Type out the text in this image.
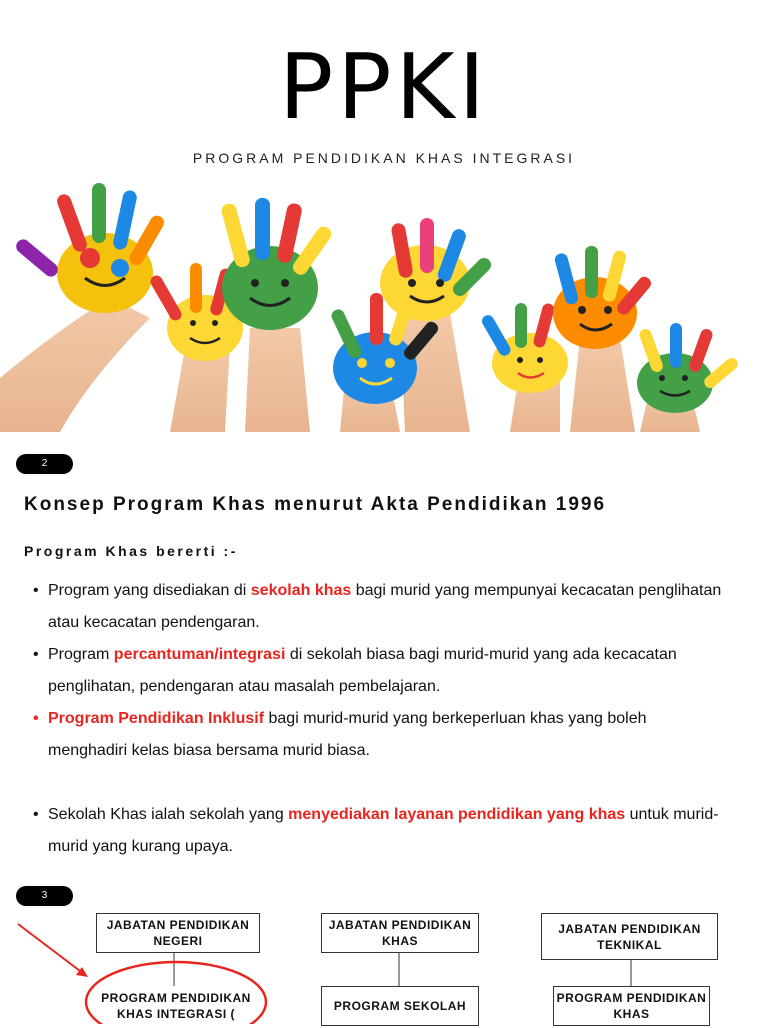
PPKI
PROGRAM PENDIDIKAN KHAS INTEGRASI
2
Konsep Program Khas menurut Akta Pendidikan 1996
Program Khas bererti :-
• Program yang disediakan di sekolah khas bagi murid yang mempunyai kecacatan penglihatan atau kecacatan pendengaran.
• Program percantuman/integrasi di sekolah biasa bagi murid-murid yang ada kecacatan penglihatan, pendengaran atau masalah pembelajaran.
• Program Pendidikan Inklusif bagi murid-murid yang berkeperluan khas yang boleh menghadiri kelas biasa bersama murid biasa.
• Sekolah Khas ialah sekolah yang menyediakan layanan pendidikan yang khas untuk murid-murid yang kurang upaya.
3
JABATAN PENDIDIKAN NEGERI
JABATAN PENDIDIKAN KHAS
JABATAN PENDIDIKAN TEKNIKAL
PROGRAM PENDIDIKAN KHAS INTEGRASI (
PROGRAM SEKOLAH
PROGRAM PENDIDIKAN KHAS
